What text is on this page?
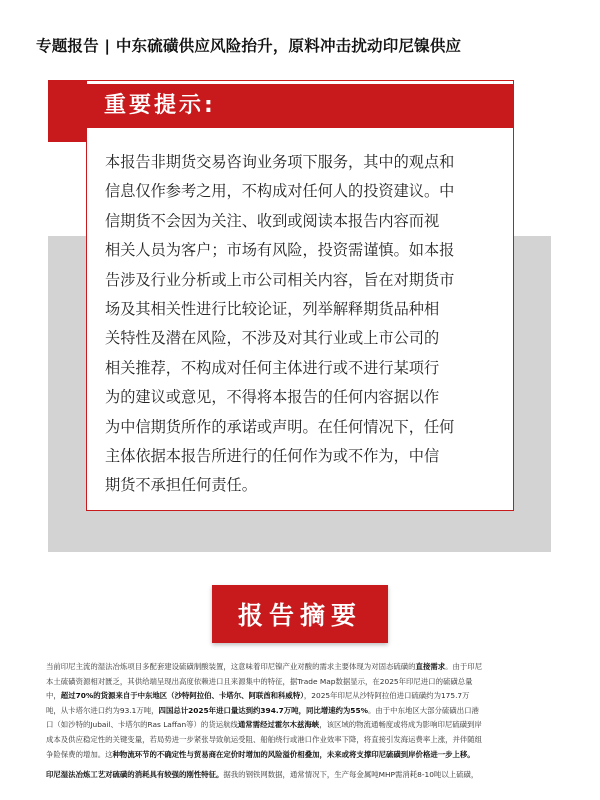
专题报告 | 中东硫磺供应风险抬升，原料冲击扰动印尼镍供应
重要提示:
本报告非期货交易咨询业务项下服务，其中的观点和
信息仅作参考之用，不构成对任何人的投资建议。中
信期货不会因为关注、收到或阅读本报告内容而视
相关人员为客户；市场有风险，投资需谨慎。如本报
告涉及行业分析或上市公司相关内容，旨在对期货市
场及其相关性进行比较论证，列举解释期货品种相
关特性及潜在风险，不涉及对其行业或上市公司的
相关推荐，不构成对任何主体进行或不进行某项行
为的建议或意见，不得将本报告的任何内容据以作
为中信期货所作的承诺或声明。在任何情况下，任何
主体依据本报告所进行的任何作为或不作为，中信
期货不承担任何责任。
报告摘要
当前印尼主流的湿法冶炼项目多配套建设硫磺制酸装置，这意味着印尼镍产业对酸的需求主要体现为对固态硫磺的直接需求。由于印尼
本土硫磺资源相对匮乏，其供给端呈现出高度依赖进口且来源集中的特征，据Trade Map数据显示，在2025年印尼进口的硫磺总量
中，超过70%的货源来自于中东地区（沙特阿拉伯、卡塔尔、阿联酋和科威特），2025年印尼从沙特阿拉伯进口硫磺约为175.7万
吨，从卡塔尔进口约为93.1万吨，四国总计2025年进口量达到约394.7万吨，同比增速约为55%。由于中东地区大部分硫磺出口港
口（如沙特的Jubail、卡塔尔的Ras Laffan等）的货运航线通常需经过霍尔木兹海峡，该区域的物流通畅度或将成为影响印尼硫磺到岸
成本及供应稳定性的关键变量，若局势进一步紧张导致航运受阻、船舶绕行或港口作业效率下降，将直接引发海运费率上涨，并伴随组
争险保费的增加。这种物流环节的不确定性与贸易商在定价时增加的风险溢价相叠加，未来或将支撑印尼硫磺到岸价格进一步上移。
印尼湿法冶炼工艺对硫磺的消耗具有较强的刚性特征。据我的钢铁网数据，通常情况下，生产每金属吨MHP需消耗8-10吨以上硫磺，
